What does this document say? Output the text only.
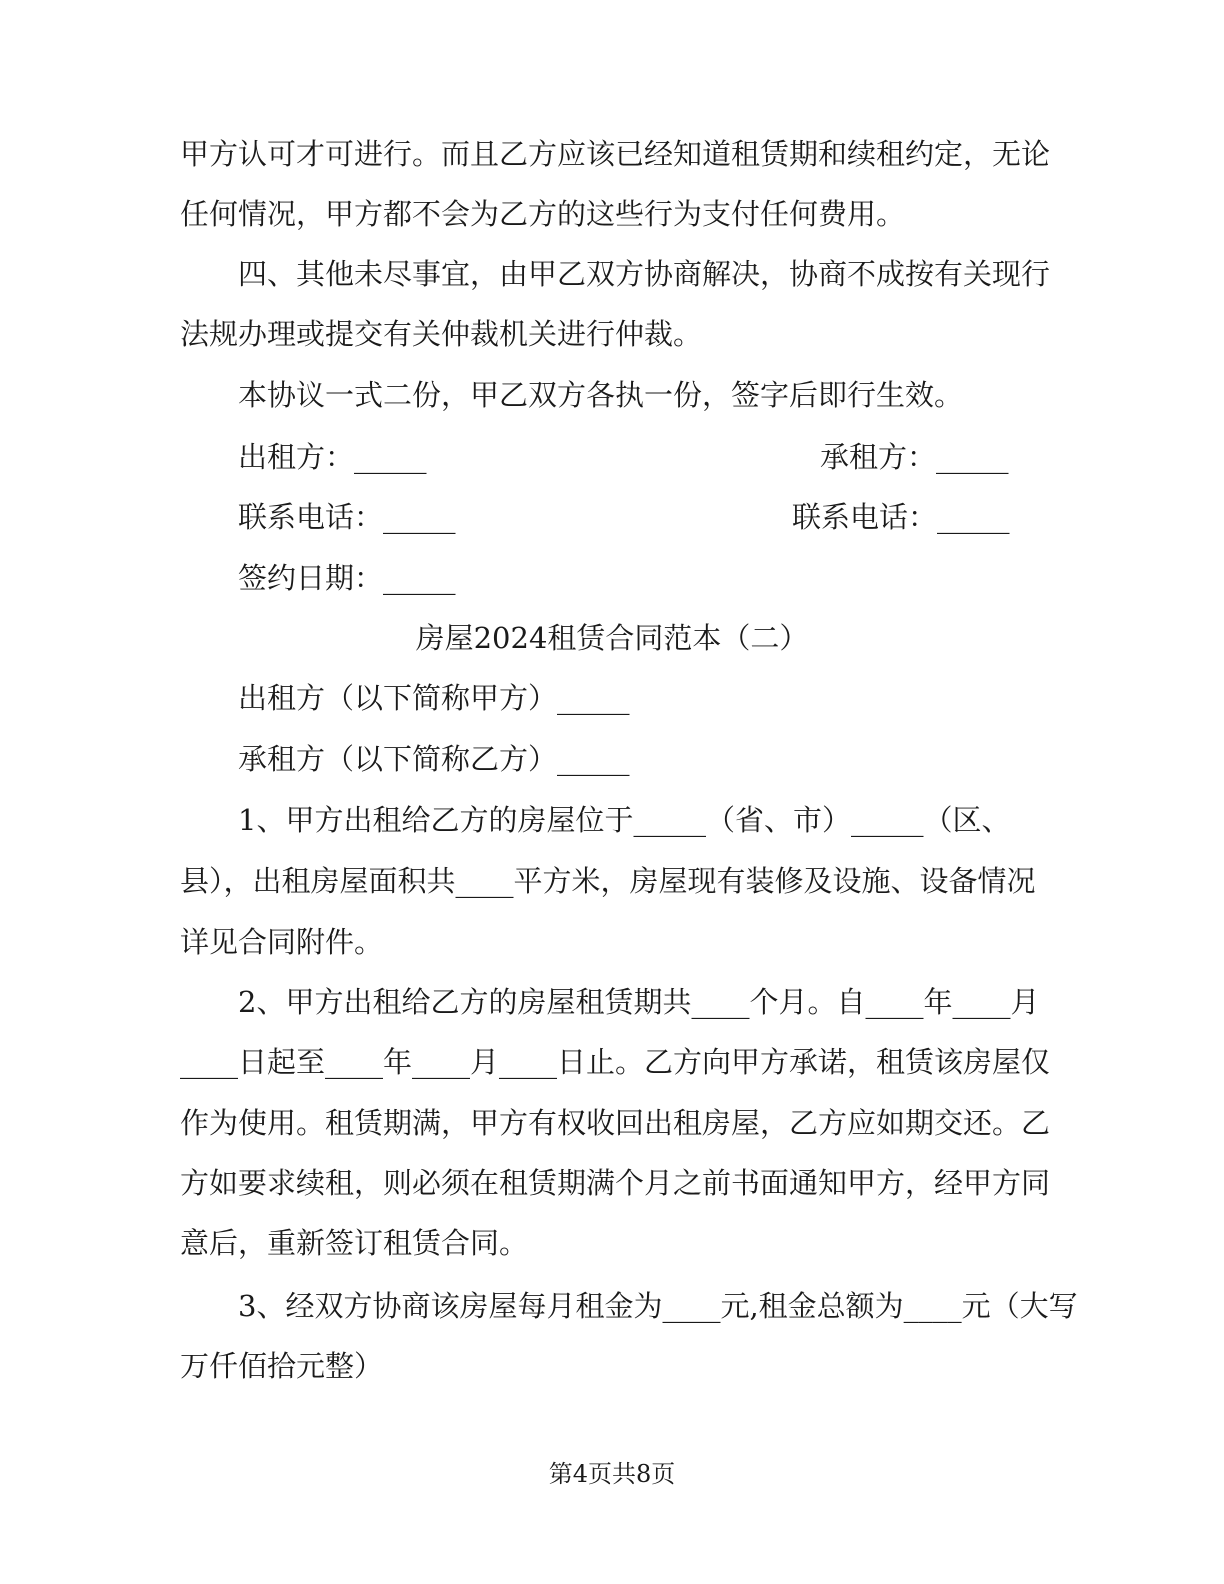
甲方认可才可进行。而且乙方应该已经知道租赁期和续租约定，无论
任何情况，甲方都不会为乙方的这些行为支付任何费用。
四、其他未尽事宜，由甲乙双方协商解决，协商不成按有关现行
法规办理或提交有关仲裁机关进行仲裁。
本协议一式二份，甲乙双方各执一份，签字后即行生效。
出租方：_____	承租方：_____
联系电话：_____	联系电话：_____
签约日期：_____
房屋2024租赁合同范本（二）
出租方（以下简称甲方）_____
承租方（以下简称乙方）_____
1、甲方出租给乙方的房屋位于_____（省、市）_____（区、
县），出租房屋面积共____平方米，房屋现有装修及设施、设备情况
详见合同附件。
2、甲方出租给乙方的房屋租赁期共____个月。自____年____月
____日起至____年____月____日止。乙方向甲方承诺，租赁该房屋仅
作为使用。租赁期满，甲方有权收回出租房屋，乙方应如期交还。乙
方如要求续租，则必须在租赁期满个月之前书面通知甲方，经甲方同
意后，重新签订租赁合同。
3、经双方协商该房屋每月租金为____元,租金总额为____元（大写
万仟佰拾元整）
第4页共8页
